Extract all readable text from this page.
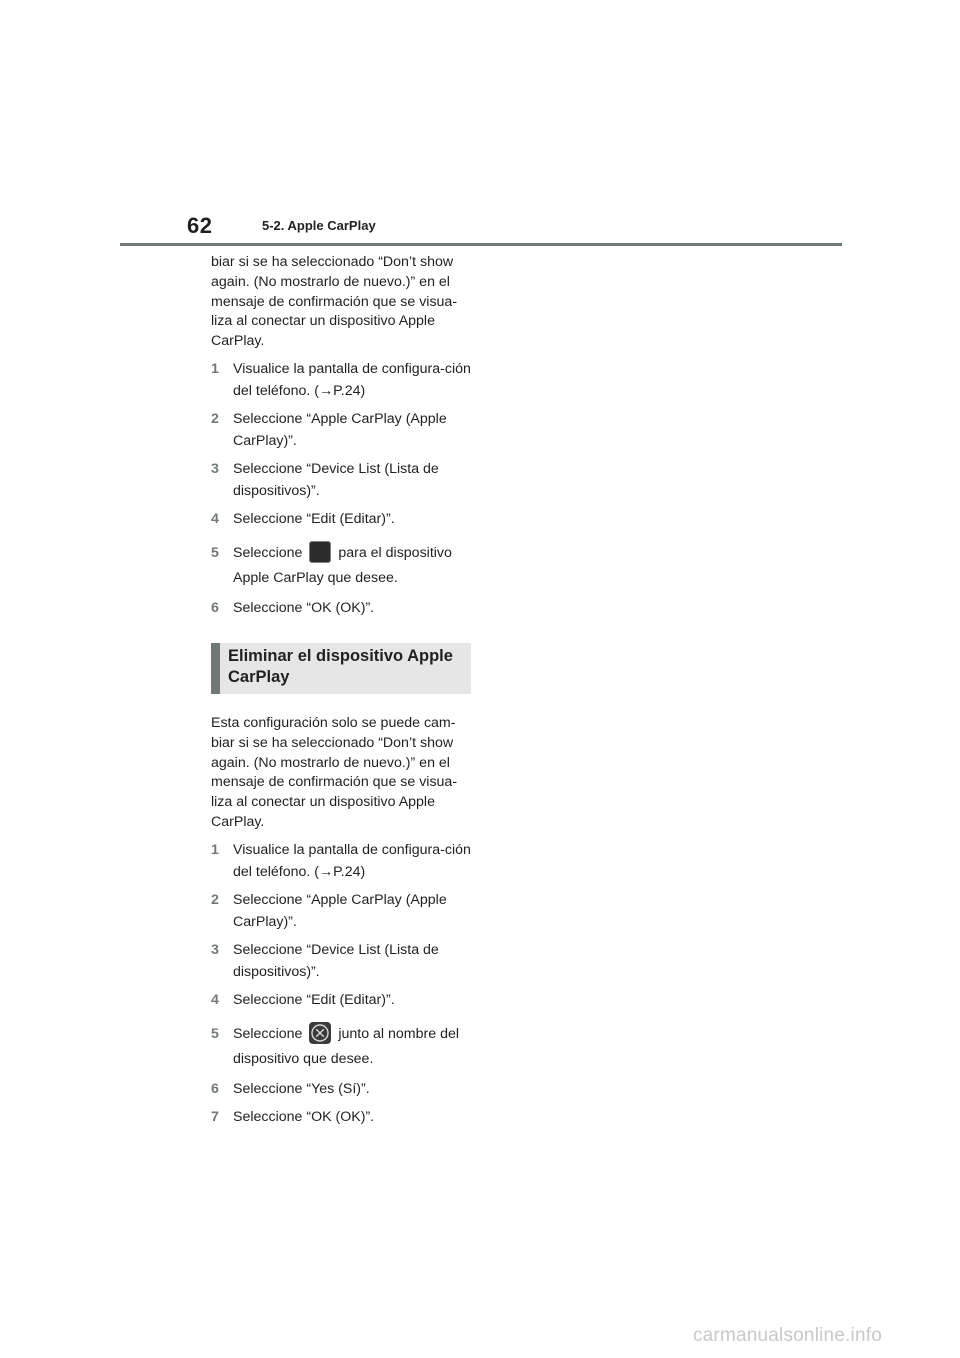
62	5-2. Apple CarPlay

biar si se ha seleccionado “Don’t show again. (No mostrarlo de nuevo.)” en el mensaje de confirmación que se visua-liza al conectar un dispositivo Apple CarPlay.

1 Visualice la pantalla de configura-ción del teléfono. (→P.24)
2 Seleccione “Apple CarPlay (Apple CarPlay)”.
3 Seleccione “Device List (Lista de dispositivos)”.
4 Seleccione “Edit (Editar)”.
5 Seleccione	para el dispositivo Apple CarPlay que desee.
6 Seleccione “OK (OK)”.
Eliminar el dispositivo Apple CarPlay

Esta configuración solo se puede cam-biar si se ha seleccionado “Don’t show again. (No mostrarlo de nuevo.)” en el mensaje de confirmación que se visua-liza al conectar un dispositivo Apple CarPlay.

1 Visualice la pantalla de configura-ción del teléfono. (→P.24)
2 Seleccione “Apple CarPlay (Apple CarPlay)”.
3 Seleccione “Device List (Lista de dispositivos)”.
4 Seleccione “Edit (Editar)”.
5 Seleccione	junto al nombre del dispositivo que desee.
6 Seleccione “Yes (Sí)”.
7 Seleccione “OK (OK)”.
carmanualsonline.info
